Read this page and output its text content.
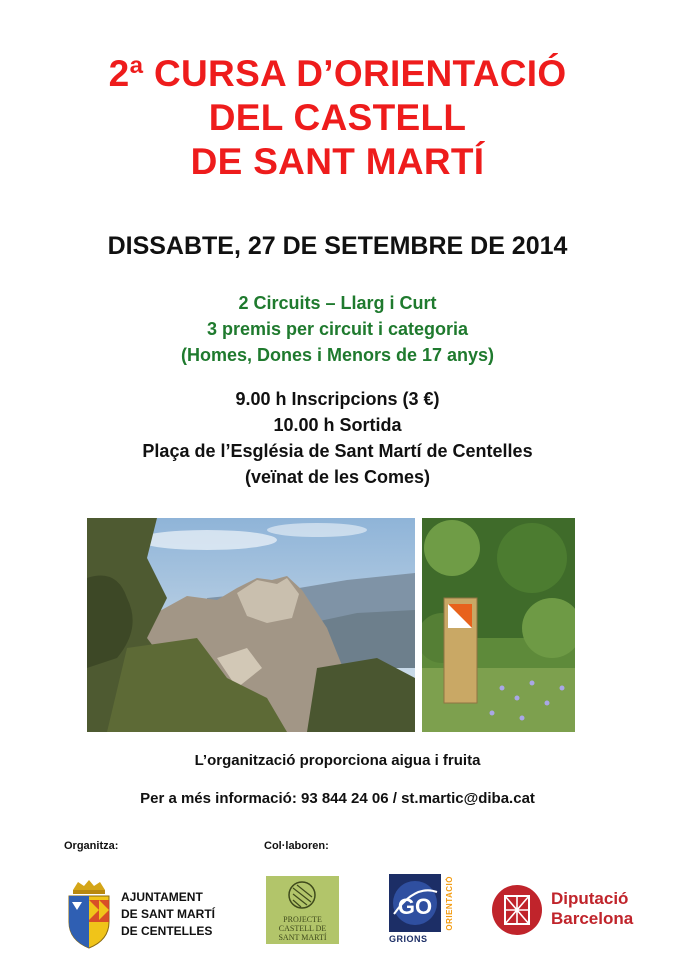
2ª CURSA D’ORIENTACIÓ
DEL CASTELL
DE SANT MARTÍ
DISSABTE, 27 DE SETEMBRE DE 2014
2 Circuits – Llarg i Curt
3 premis per circuit i categoria
(Homes, Dones i Menors de 17 anys)
9.00 h Inscripcions (3 €)
10.00 h Sortida
Plaça de l’Església de Sant Martí de Centelles
(veïnat de les Comes)
L’organització proporciona aigua i fruita
Per a més informació: 93 844 24 06 / st.martic@diba.cat
Organitza:	Col·laboren:
AJUNTAMENT
DE SANT MARTÍ
DE CENTELLES
PROJECTE
CASTELL DE
SANT MARTÍ
GO
GRIONS
ORIENTACIÓ	Diputació
Barcelona
